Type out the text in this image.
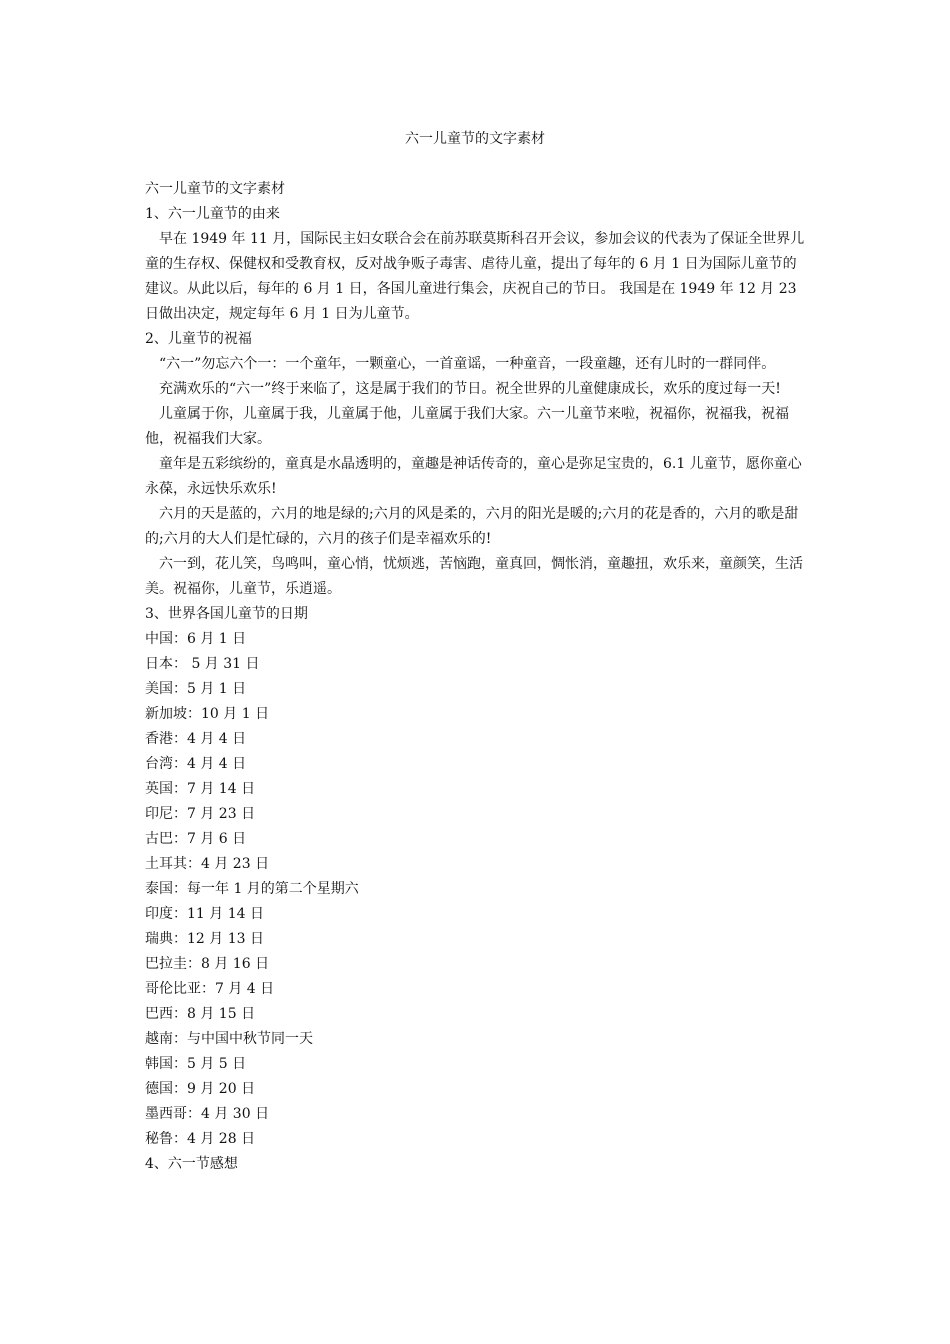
六一儿童节的文字素材

六一儿童节的文字素材

1、六一儿童节的由来

早在 1949 年 11 月，国际民主妇女联合会在前苏联莫斯科召开会议，参加会议的代表为了保证全世界儿童的生存权、保健权和受教育权，反对战争贩子毒害、虐待儿童，提出了每年的 6 月 1 日为国际儿童节的建议。从此以后，每年的 6 月 1 日，各国儿童进行集会，庆祝自己的节日。 我国是在 1949 年 12 月 23 日做出决定，规定每年 6 月 1 日为儿童节。

2、儿童节的祝福

“六一”勿忘六个一：一个童年，一颗童心，一首童谣，一种童音，一段童趣，还有儿时的一群同伴。

充满欢乐的“六一”终于来临了，这是属于我们的节日。祝全世界的儿童健康成长，欢乐的度过每一天!

儿童属于你，儿童属于我，儿童属于他，儿童属于我们大家。六一儿童节来啦，祝福你，祝福我，祝福他，祝福我们大家。

童年是五彩缤纷的，童真是水晶透明的，童趣是神话传奇的，童心是弥足宝贵的，6.1 儿童节，愿你童心永葆，永远快乐欢乐!

六月的天是蓝的，六月的地是绿的;六月的风是柔的，六月的阳光是暖的;六月的花是香的，六月的歌是甜的;六月的大人们是忙碌的，六月的孩子们是幸福欢乐的!

六一到，花儿笑，鸟鸣叫，童心悄，忧烦逃，苦恼跑，童真回，惆怅消，童趣扭，欢乐来，童颜笑，生活美。祝福你，儿童节，乐逍遥。

3、世界各国儿童节的日期

中国：6 月 1 日

日本： 5 月 31 日

美国：5 月 1 日

新加坡：10 月 1 日

香港：4 月 4 日

台湾：4 月 4 日

英国：7 月 14 日

印尼：7 月 23 日

古巴：7 月 6 日

土耳其：4 月 23 日

泰国：每一年 1 月的第二个星期六

印度：11 月 14 日

瑞典：12 月 13 日

巴拉圭：8 月 16 日

哥伦比亚：7 月 4 日

巴西：8 月 15 日

越南：与中国中秋节同一天

韩国：5 月 5 日

德国：9 月 20 日

墨西哥：4 月 30 日

秘鲁：4 月 28 日

4、六一节感想
